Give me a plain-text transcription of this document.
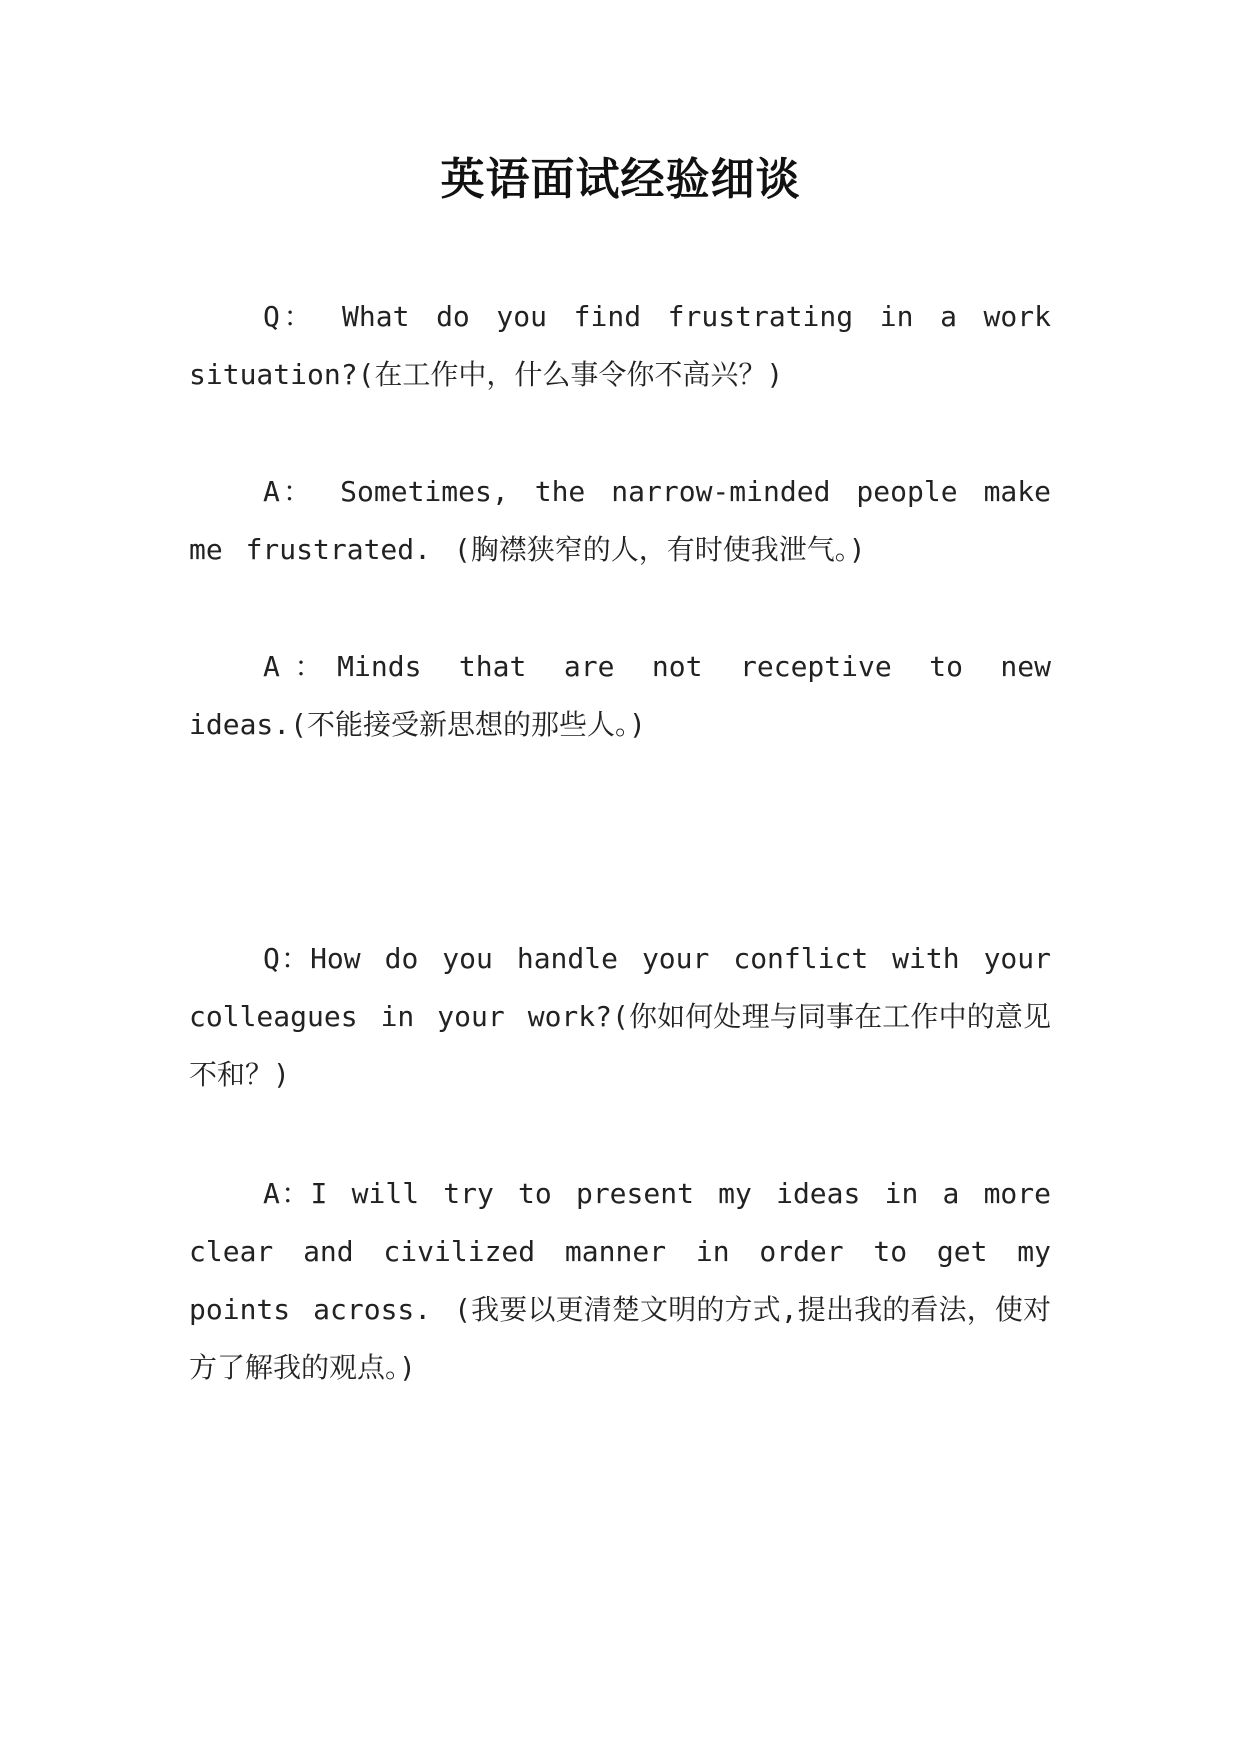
英语面试经验细谈

Q： What do you find frustrating in a work situation?(在工作中，什么事令你不高兴？)

A： Sometimes, the narrow-minded people make me frustrated. (胸襟狭窄的人，有时使我泄气。)

A：Minds that are not receptive to new ideas.(不能接受新思想的那些人。)

Q：How do you handle your conflict with your colleagues in your work?(你如何处理与同事在工作中的意见不和？)

A：I will try to present my ideas in a more clear and civilized manner in order to get my points across. (我要以更清楚文明的方式,提出我的看法，使对方了解我的观点。)
